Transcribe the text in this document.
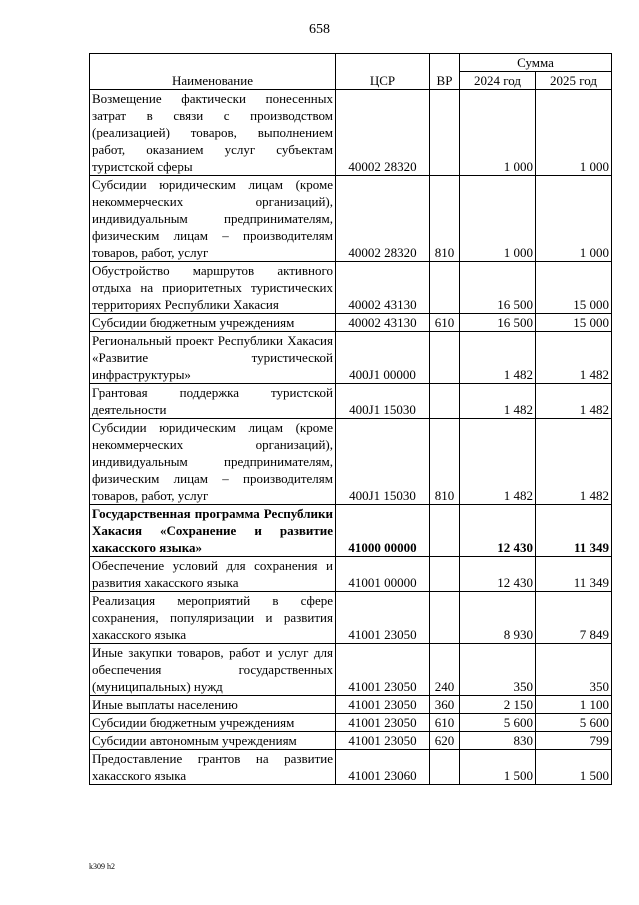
658
Наименование	ЦСР	ВР	Сумма	
			2024 год	2025 год
Возмещение фактически понесенных затрат в связи с производством (реализацией) товаров, выполнением работ, оказанием услуг субъектам туристской сферы	40002 28320		1 000	1 000
Субсидии юридическим лицам (кроме некоммерческих организаций), индивидуальным предпринимателям, физическим лицам – производителям товаров, работ, услуг	40002 28320	810	1 000	1 000
Обустройство маршрутов активного отдыха на приоритетных туристических территориях Республики Хакасия	40002 43130		16 500	15 000
Субсидии бюджетным учреждениям	40002 43130	610	16 500	15 000
Региональный проект Республики Хакасия «Развитие туристической инфраструктуры»	400J1 00000		1 482	1 482
Грантовая поддержка туристской деятельности	400J1 15030		1 482	1 482
Субсидии юридическим лицам (кроме некоммерческих организаций), индивидуальным предпринимателям, физическим лицам – производителям товаров, работ, услуг	400J1 15030	810	1 482	1 482
Государственная программа Республики Хакасия «Сохранение и развитие хакасского языка»	41000 00000		12 430	11 349
Обеспечение условий для сохранения и развития хакасского языка	41001 00000		12 430	11 349
Реализация мероприятий в сфере сохранения, популяризации и развития хакасского языка	41001 23050		8 930	7 849
Иные закупки товаров, работ и услуг для обеспечения государственных (муниципальных) нужд	41001 23050	240	350	350
Иные выплаты населению	41001 23050	360	2 150	1 100
Субсидии бюджетным учреждениям	41001 23050	610	5 600	5 600
Субсидии автономным учреждениям	41001 23050	620	830	799
Предоставление грантов на развитие хакасского языка	41001 23060		1 500	1 500
k309 h2
